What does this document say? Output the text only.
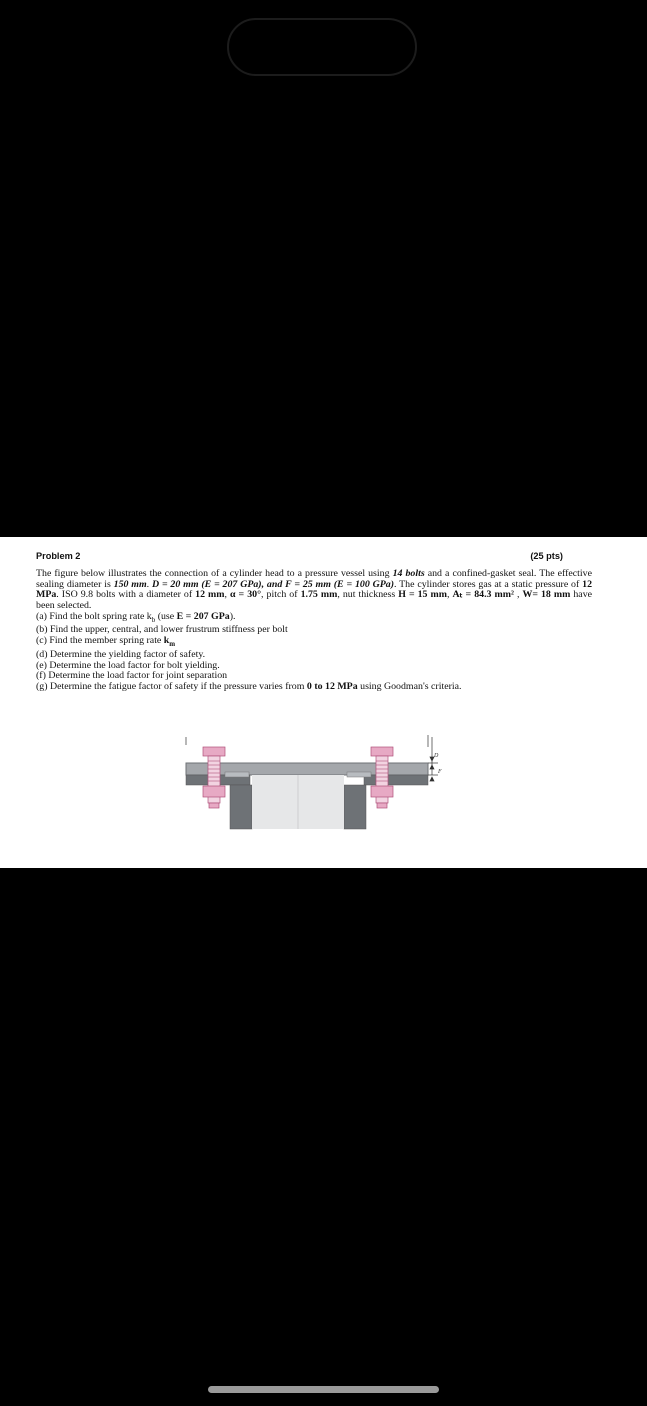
Problem 2	(25 pts)

The figure below illustrates the connection of a cylinder head to a pressure vessel using 14 bolts and a confined-gasket seal. The effective sealing diameter is 150 mm. D = 20 mm (E = 207 GPa), and F = 25 mm (E = 100 GPa). The cylinder stores gas at a static pressure of 12 MPa. ISO 9.8 bolts with a diameter of 12 mm, α = 30°, pitch of 1.75 mm, nut thickness H = 15 mm, Aₜ = 84.3 mm² , W= 18 mm have been selected.

(a) Find the bolt spring rate $k_b$ (use E = 207 GPa).

(b) Find the upper, central, and lower frustrum stiffness per bolt

(c) Find the member spring rate $k_m$

(d) Determine the yielding factor of safety.

(e) Determine the load factor for bolt yielding.

(f) Determine the load factor for joint separation

(g) Determine the fatigue factor of safety if the pressure varies from 0 to 12 MPa using Goodman's criteria.

D
F
